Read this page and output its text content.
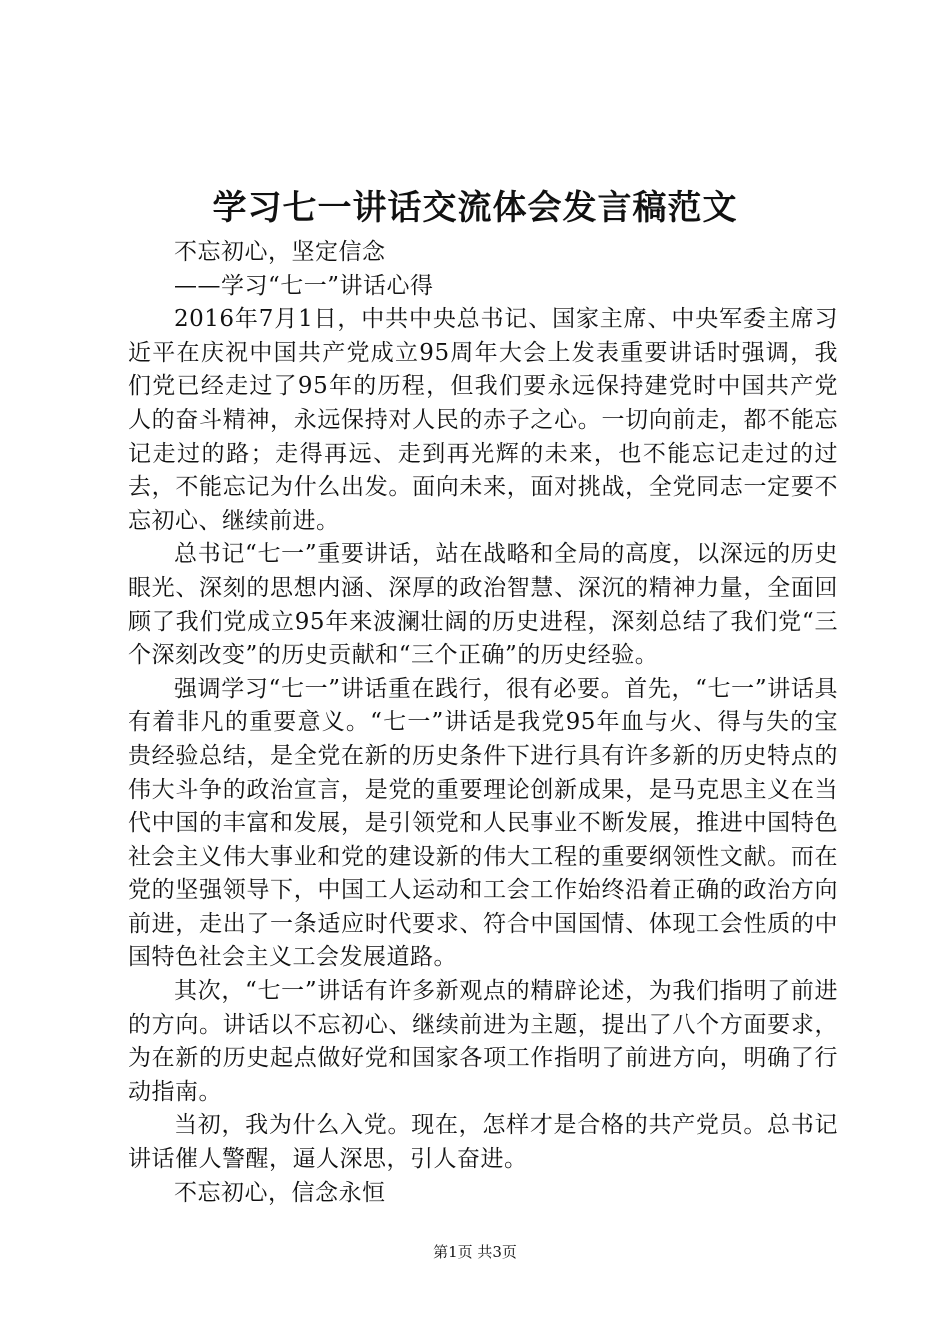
学习七一讲话交流体会发言稿范文

不忘初心，坚定信念

——学习“七一”讲话心得

2016年7月1日，中共中央总书记、国家主席、中央军委主席习近平在庆祝中国共产党成立95周年大会上发表重要讲话时强调，我们党已经走过了95年的历程，但我们要永远保持建党时中国共产党人的奋斗精神，永远保持对人民的赤子之心。一切向前走，都不能忘记走过的路；走得再远、走到再光辉的未来，也不能忘记走过的过去，不能忘记为什么出发。面向未来，面对挑战，全党同志一定要不忘初心、继续前进。

总书记“七一”重要讲话，站在战略和全局的高度，以深远的历史眼光、深刻的思想内涵、深厚的政治智慧、深沉的精神力量，全面回顾了我们党成立95年来波澜壮阔的历史进程，深刻总结了我们党“三个深刻改变”的历史贡献和“三个正确”的历史经验。

强调学习“七一”讲话重在践行，很有必要。首先，“七一”讲话具有着非凡的重要意义。“七一”讲话是我党95年血与火、得与失的宝贵经验总结，是全党在新的历史条件下进行具有许多新的历史特点的伟大斗争的政治宣言，是党的重要理论创新成果，是马克思主义在当代中国的丰富和发展，是引领党和人民事业不断发展，推进中国特色社会主义伟大事业和党的建设新的伟大工程的重要纲领性文献。而在党的坚强领导下，中国工人运动和工会工作始终沿着正确的政治方向前进，走出了一条适应时代要求、符合中国国情、体现工会性质的中国特色社会主义工会发展道路。

其次，“七一”讲话有许多新观点的精辟论述，为我们指明了前进的方向。讲话以不忘初心、继续前进为主题，提出了八个方面要求，为在新的历史起点做好党和国家各项工作指明了前进方向，明确了行动指南。

当初，我为什么入党。现在，怎样才是合格的共产党员。总书记讲话催人警醒，逼人深思，引人奋进。

不忘初心，信念永恒

第1页 共3页
